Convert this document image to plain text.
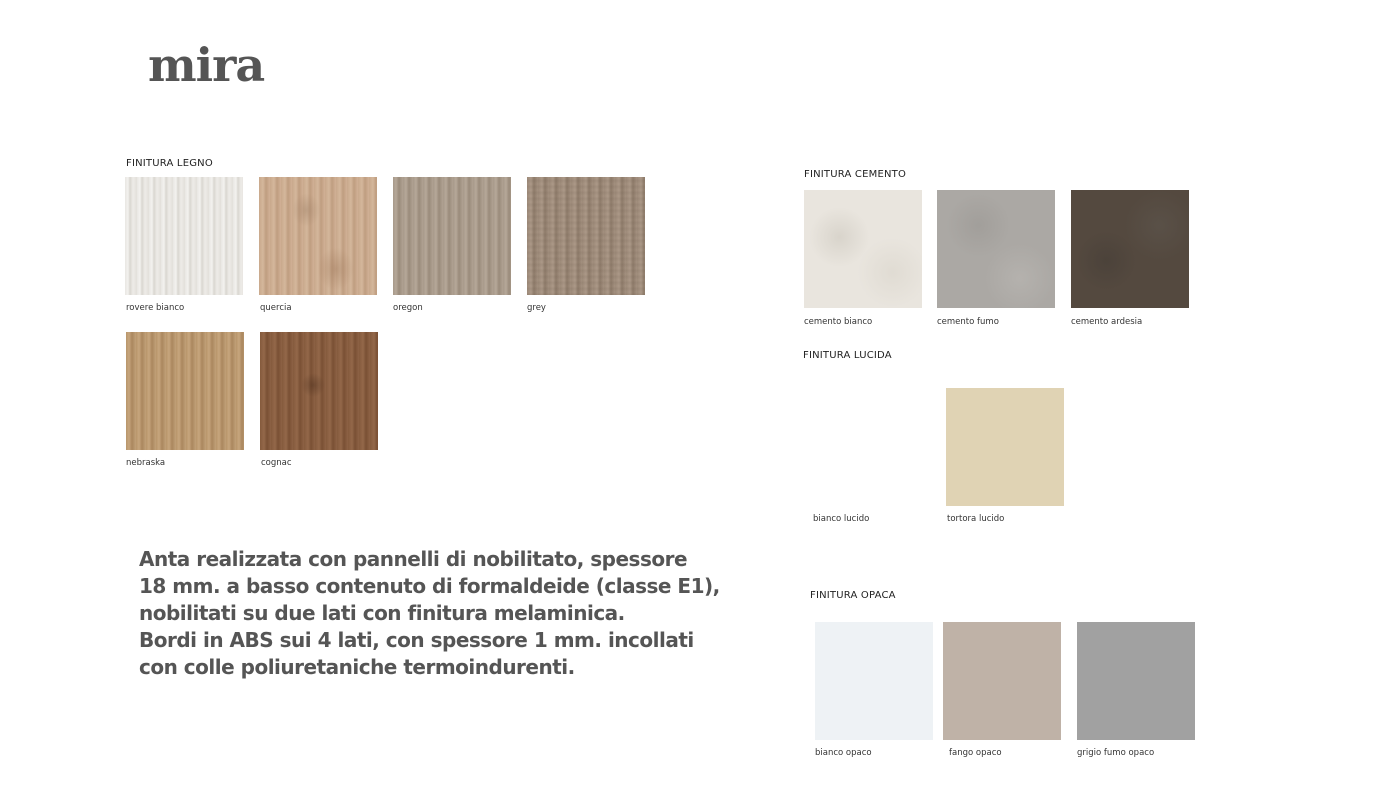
mira
FINITURA LEGNO
rovere bianco	quercia	oregon	grey
nebraska	cognac
Anta realizzata con pannelli di nobilitato, spessore
18 mm. a basso contenuto di formaldeide (classe E1),
nobilitati su due lati con finitura melaminica.
Bordi in ABS sui 4 lati, con spessore 1 mm. incollati
con colle poliuretaniche termoindurenti.
FINITURA CEMENTO
cemento bianco	cemento fumo	cemento ardesia
FINITURA LUCIDA
bianco lucido	tortora lucido
FINITURA OPACA
bianco opaco	fango opaco	grigio fumo opaco
